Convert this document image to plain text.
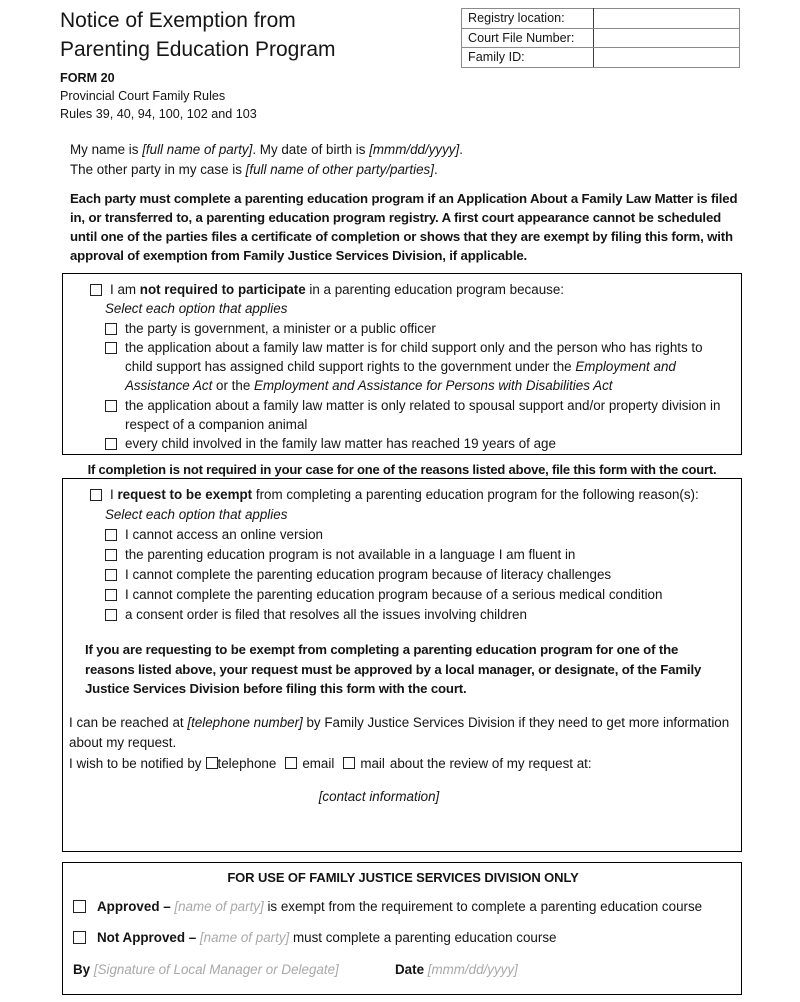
Notice of Exemption from
Parenting Education Program
FORM 20
Provincial Court Family Rules
Rules 39, 40, 94, 100, 102 and 103
Registry location:	
Court File Number:	
Family ID:	
My name is [full name of party]. My date of birth is [mmm/dd/yyyy].
The other party in my case is [full name of other party/parties].
Each party must complete a parenting education program if an Application About a Family Law Matter is filed in, or transferred to, a parenting education program registry. A first court appearance cannot be scheduled until one of the parties files a certificate of completion or shows that they are exempt by filing this form, with approval of exemption from Family Justice Services Division, if applicable.
I am not required to participate in a parenting education program because:
Select each option that applies
the party is government, a minister or a public officer
the application about a family law matter is for child support only and the person who has rights to child support has assigned child support rights to the government under the Employment and Assistance Act or the Employment and Assistance for Persons with Disabilities Act
the application about a family law matter is only related to spousal support and/or property division in respect of a companion animal
every child involved in the family law matter has reached 19 years of age
If completion is not required in your case for one of the reasons listed above, file this form with the court.
I request to be exempt from completing a parenting education program for the following reason(s):
Select each option that applies
I cannot access an online version
the parenting education program is not available in a language I am fluent in
I cannot complete the parenting education program because of literacy challenges
I cannot complete the parenting education program because of a serious medical condition
a consent order is filed that resolves all the issues involving children
If you are requesting to be exempt from completing a parenting education program for one of the reasons listed above, your request must be approved by a local manager, or designate, of the Family Justice Services Division before filing this form with the court.
I can be reached at [telephone number] by Family Justice Services Division if they need to get more information about my request.
I wish to be notified by telephone email mail about the review of my request at:
[contact information]
FOR USE OF FAMILY JUSTICE SERVICES DIVISION ONLY
Approved – [name of party] is exempt from the requirement to complete a parenting education course
Not Approved – [name of party] must complete a parenting education course
By [Signature of Local Manager or Delegate]	Date [mmm/dd/yyyy]
